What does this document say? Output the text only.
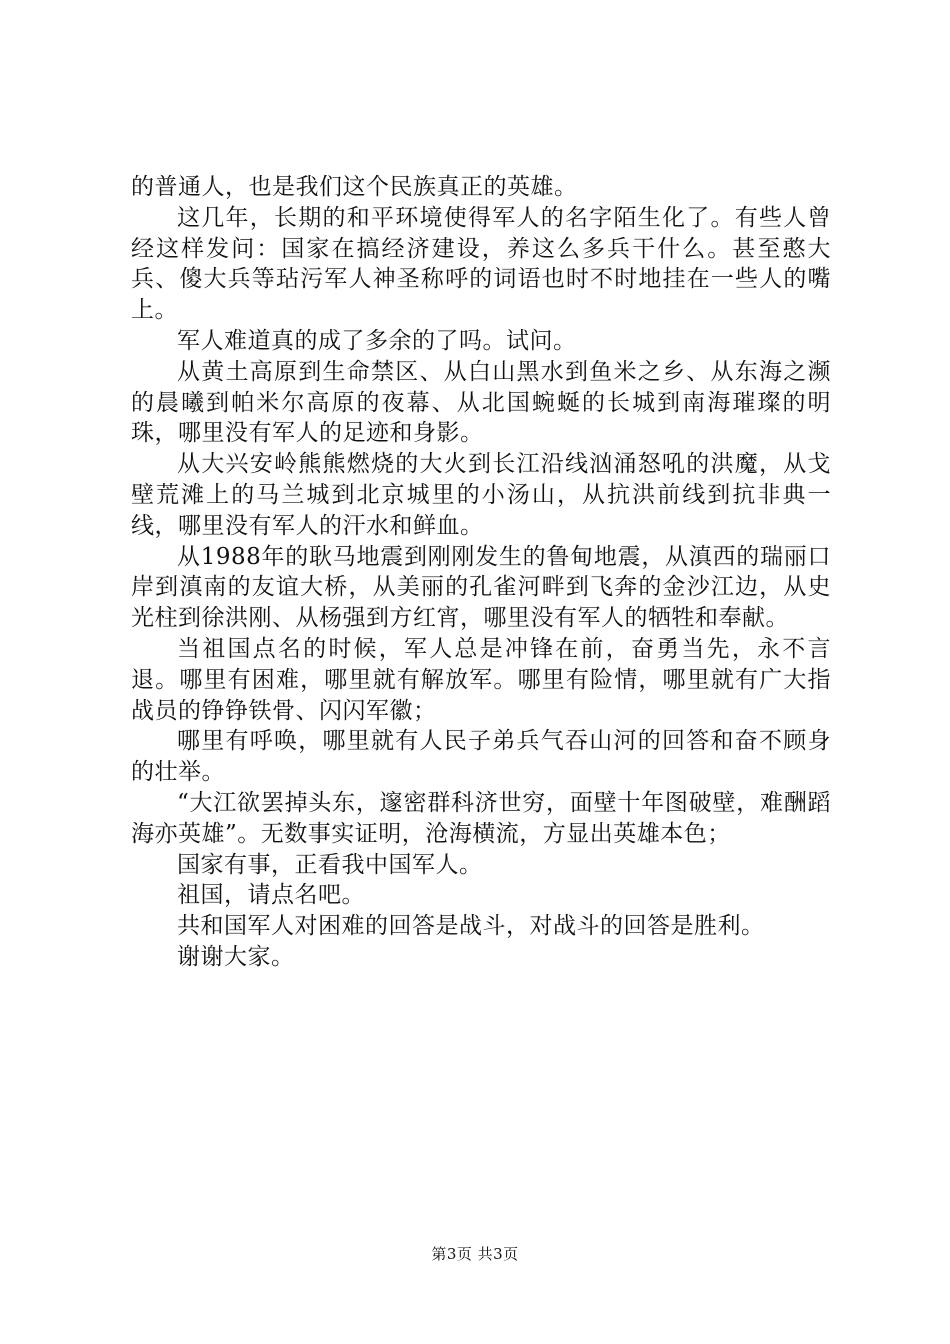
的普通人，也是我们这个民族真正的英雄。

这几年，长期的和平环境使得军人的名字陌生化了。有些人曾经这样发问：国家在搞经济建设，养这么多兵干什么。甚至憨大兵、傻大兵等玷污军人神圣称呼的词语也时不时地挂在一些人的嘴上。

军人难道真的成了多余的了吗。试问。

从黄土高原到生命禁区、从白山黑水到鱼米之乡、从东海之濒的晨曦到帕米尔高原的夜幕、从北国蜿蜒的长城到南海璀璨的明珠，哪里没有军人的足迹和身影。

从大兴安岭熊熊燃烧的大火到长江沿线汹涌怒吼的洪魔，从戈壁荒滩上的马兰城到北京城里的小汤山，从抗洪前线到抗非典一线，哪里没有军人的汗水和鲜血。

从1988年的耿马地震到刚刚发生的鲁甸地震，从滇西的瑞丽口岸到滇南的友谊大桥，从美丽的孔雀河畔到飞奔的金沙江边，从史光柱到徐洪刚、从杨强到方红宵，哪里没有军人的牺牲和奉献。

当祖国点名的时候，军人总是冲锋在前，奋勇当先，永不言退。哪里有困难，哪里就有解放军。哪里有险情，哪里就有广大指战员的铮铮铁骨、闪闪军徽；

哪里有呼唤，哪里就有人民子弟兵气吞山河的回答和奋不顾身的壮举。

“大江欲罢掉头东，邃密群科济世穷，面壁十年图破壁，难酬蹈海亦英雄”。无数事实证明，沧海横流，方显出英雄本色；

国家有事，正看我中国军人。

祖国，请点名吧。

共和国军人对困难的回答是战斗，对战斗的回答是胜利。

谢谢大家。

第3页 共3页
